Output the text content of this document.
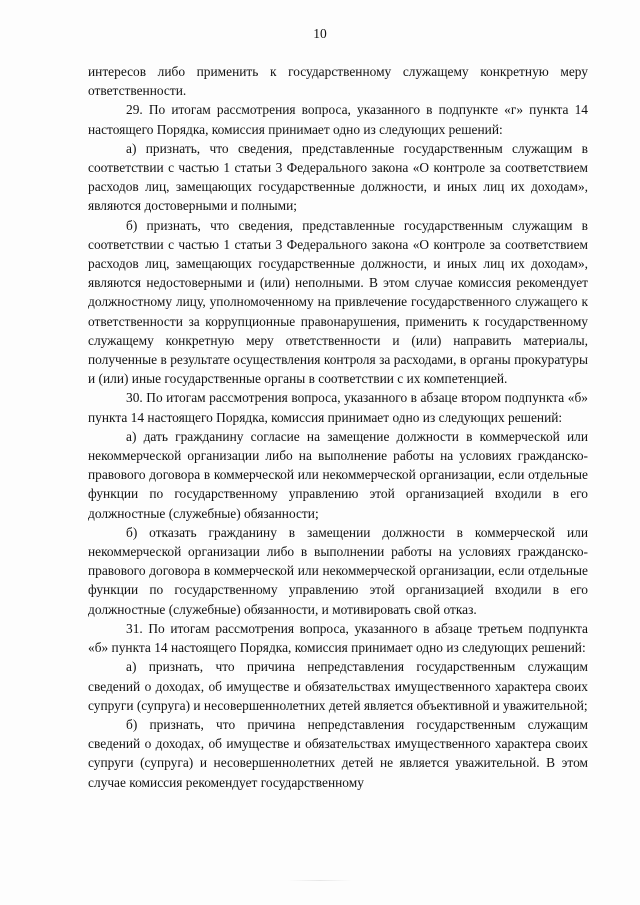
10

интересов либо применить к государственному служащему конкретную меру ответственности.

29. По итогам рассмотрения вопроса, указанного в подпункте «г» пункта 14 настоящего Порядка, комиссия принимает одно из следующих решений:

а) признать, что сведения, представленные государственным служащим в соответствии с частью 1 статьи 3 Федерального закона «О контроле за соответствием расходов лиц, замещающих государственные должности, и иных лиц их доходам», являются достоверными и полными;

б) признать, что сведения, представленные государственным служащим в соответствии с частью 1 статьи 3 Федерального закона «О контроле за соответствием расходов лиц, замещающих государственные должности, и иных лиц их доходам», являются недостоверными и (или) неполными. В этом случае комиссия рекомендует должностному лицу, уполномоченному на привлечение государственного служащего к ответственности за коррупционные правонарушения, применить к государственному служащему конкретную меру ответственности и (или) направить материалы, полученные в результате осуществления контроля за расходами, в органы прокуратуры и (или) иные государственные органы в соответствии с их компетенцией.

30. По итогам рассмотрения вопроса, указанного в абзаце втором подпункта «б» пункта 14 настоящего Порядка, комиссия принимает одно из следующих решений:

а) дать гражданину согласие на замещение должности в коммерческой или некоммерческой организации либо на выполнение работы на условиях гражданско-правового договора в коммерческой или некоммерческой организации, если отдельные функции по государственному управлению этой организацией входили в его должностные (служебные) обязанности;

б) отказать гражданину в замещении должности в коммерческой или некоммерческой организации либо в выполнении работы на условиях гражданско-правового договора в коммерческой или некоммерческой организации, если отдельные функции по государственному управлению этой организацией входили в его должностные (служебные) обязанности, и мотивировать свой отказ.

31. По итогам рассмотрения вопроса, указанного в абзаце третьем подпункта «б» пункта 14 настоящего Порядка, комиссия принимает одно из следующих решений:

а) признать, что причина непредставления государственным служащим сведений о доходах, об имуществе и обязательствах имущественного характера своих супруги (супруга) и несовершеннолетних детей является объективной и уважительной;

б) признать, что причина непредставления государственным служащим сведений о доходах, об имуществе и обязательствах имущественного характера своих супруги (супруга) и несовершеннолетних детей не является уважительной. В этом случае комиссия рекомендует государственному
